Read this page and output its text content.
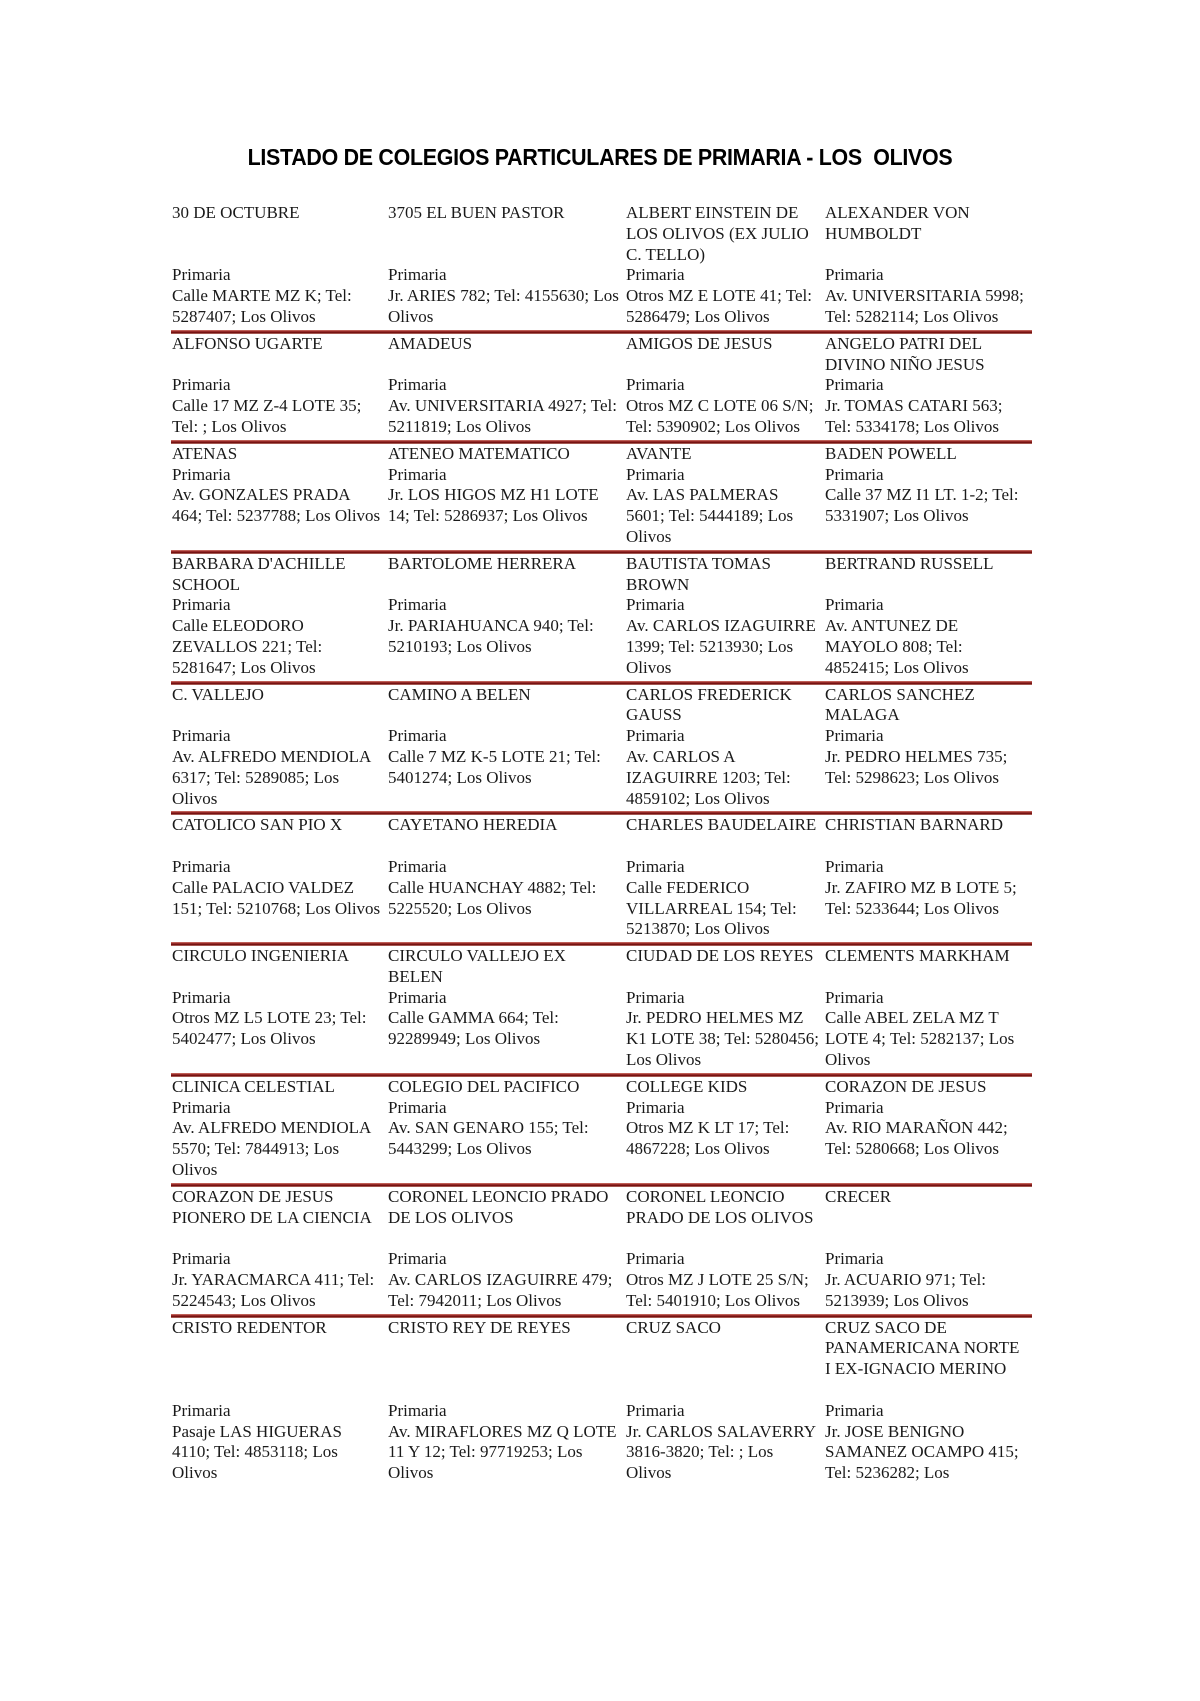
LISTADO DE COLEGIOS PARTICULARES DE PRIMARIA - LOS  OLIVOS
30 DE OCTUBRE
Primaria
Calle MARTE MZ K; Tel: 5287407; Los Olivos
3705 EL BUEN PASTOR
Primaria
Jr. ARIES 782; Tel: 4155630; Los Olivos
ALBERT EINSTEIN DE LOS OLIVOS (EX JULIO C. TELLO)
Primaria
Otros MZ E LOTE 41; Tel: 5286479; Los Olivos
ALEXANDER VON HUMBOLDT
Primaria
Av. UNIVERSITARIA 5998; Tel: 5282114; Los Olivos
ALFONSO UGARTE
Primaria
Calle 17 MZ Z-4 LOTE 35; Tel: ; Los Olivos
AMADEUS
Primaria
Av. UNIVERSITARIA 4927; Tel: 5211819; Los Olivos
AMIGOS DE JESUS
Primaria
Otros MZ C LOTE 06 S/N; Tel: 5390902; Los Olivos
ANGELO PATRI DEL DIVINO NIÑO JESUS
Primaria
Jr. TOMAS CATARI 563; Tel: 5334178; Los Olivos
ATENAS
Primaria
Av. GONZALES PRADA 464; Tel: 5237788; Los Olivos
ATENEO MATEMATICO
Primaria
Jr. LOS HIGOS MZ H1 LOTE 14; Tel: 5286937; Los Olivos
AVANTE
Primaria
Av. LAS PALMERAS 5601; Tel: 5444189; Los Olivos
BADEN POWELL
Primaria
Calle 37 MZ I1 LT. 1-2; Tel: 5331907; Los Olivos
BARBARA D'ACHILLE SCHOOL
Primaria
Calle ELEODORO ZEVALLOS 221; Tel: 5281647; Los Olivos
BARTOLOME HERRERA
Primaria
Jr. PARIAHUANCA 940; Tel: 5210193; Los Olivos
BAUTISTA TOMAS BROWN
Primaria
Av. CARLOS IZAGUIRRE 1399; Tel: 5213930; Los Olivos
BERTRAND RUSSELL
Primaria
Av. ANTUNEZ DE MAYOLO 808; Tel: 4852415; Los Olivos
C. VALLEJO
Primaria
Av. ALFREDO MENDIOLA 6317; Tel: 5289085; Los Olivos
CAMINO A BELEN
Primaria
Calle 7 MZ K-5 LOTE 21; Tel: 5401274; Los Olivos
CARLOS FREDERICK GAUSS
Primaria
Av. CARLOS A IZAGUIRRE 1203; Tel: 4859102; Los Olivos
CARLOS SANCHEZ MALAGA
Primaria
Jr. PEDRO HELMES 735; Tel: 5298623; Los Olivos
CATOLICO SAN PIO X
Primaria
Calle PALACIO VALDEZ 151; Tel: 5210768; Los Olivos
CAYETANO HEREDIA
Primaria
Calle HUANCHAY 4882; Tel: 5225520; Los Olivos
CHARLES BAUDELAIRE
Primaria
Calle FEDERICO VILLARREAL 154; Tel: 5213870; Los Olivos
CHRISTIAN BARNARD
Primaria
Jr. ZAFIRO MZ B LOTE 5; Tel: 5233644; Los Olivos
CIRCULO INGENIERIA
Primaria
Otros MZ L5 LOTE 23; Tel: 5402477; Los Olivos
CIRCULO VALLEJO EX BELEN
Primaria
Calle GAMMA 664; Tel: 92289949; Los Olivos
CIUDAD DE LOS REYES
Primaria
Jr. PEDRO HELMES MZ K1 LOTE 38; Tel: 5280456; Los Olivos
CLEMENTS MARKHAM
Primaria
Calle ABEL ZELA MZ T LOTE 4; Tel: 5282137; Los Olivos
CLINICA CELESTIAL
Primaria
Av. ALFREDO MENDIOLA 5570; Tel: 7844913; Los Olivos
COLEGIO DEL PACIFICO
Primaria
Av. SAN GENARO 155; Tel: 5443299; Los Olivos
COLLEGE KIDS
Primaria
Otros MZ K LT 17; Tel: 4867228; Los Olivos
CORAZON DE JESUS
Primaria
Av. RIO MARAÑON 442; Tel: 5280668; Los Olivos
CORAZON DE JESUS PIONERO DE LA CIENCIA
Primaria
Jr. YARACMARCA 411; Tel: 5224543; Los Olivos
CORONEL LEONCIO PRADO DE LOS OLIVOS
Primaria
Av. CARLOS IZAGUIRRE 479; Tel: 7942011; Los Olivos
CORONEL LEONCIO PRADO DE LOS OLIVOS
Primaria
Otros MZ J LOTE 25 S/N; Tel: 5401910; Los Olivos
CRECER
Primaria
Jr. ACUARIO 971; Tel: 5213939; Los Olivos
CRISTO REDENTOR
Primaria
Pasaje LAS HIGUERAS 4110; Tel: 4853118; Los Olivos
CRISTO REY DE REYES
Primaria
Av. MIRAFLORES MZ Q LOTE 11 Y 12; Tel: 97719253; Los Olivos
CRUZ SACO
Primaria
Jr. CARLOS SALAVERRY 3816-3820; Tel: ; Los Olivos
CRUZ SACO DE PANAMERICANA NORTE I EX-IGNACIO MERINO
Primaria
Jr. JOSE BENIGNO SAMANEZ OCAMPO 415; Tel: 5236282; Los
